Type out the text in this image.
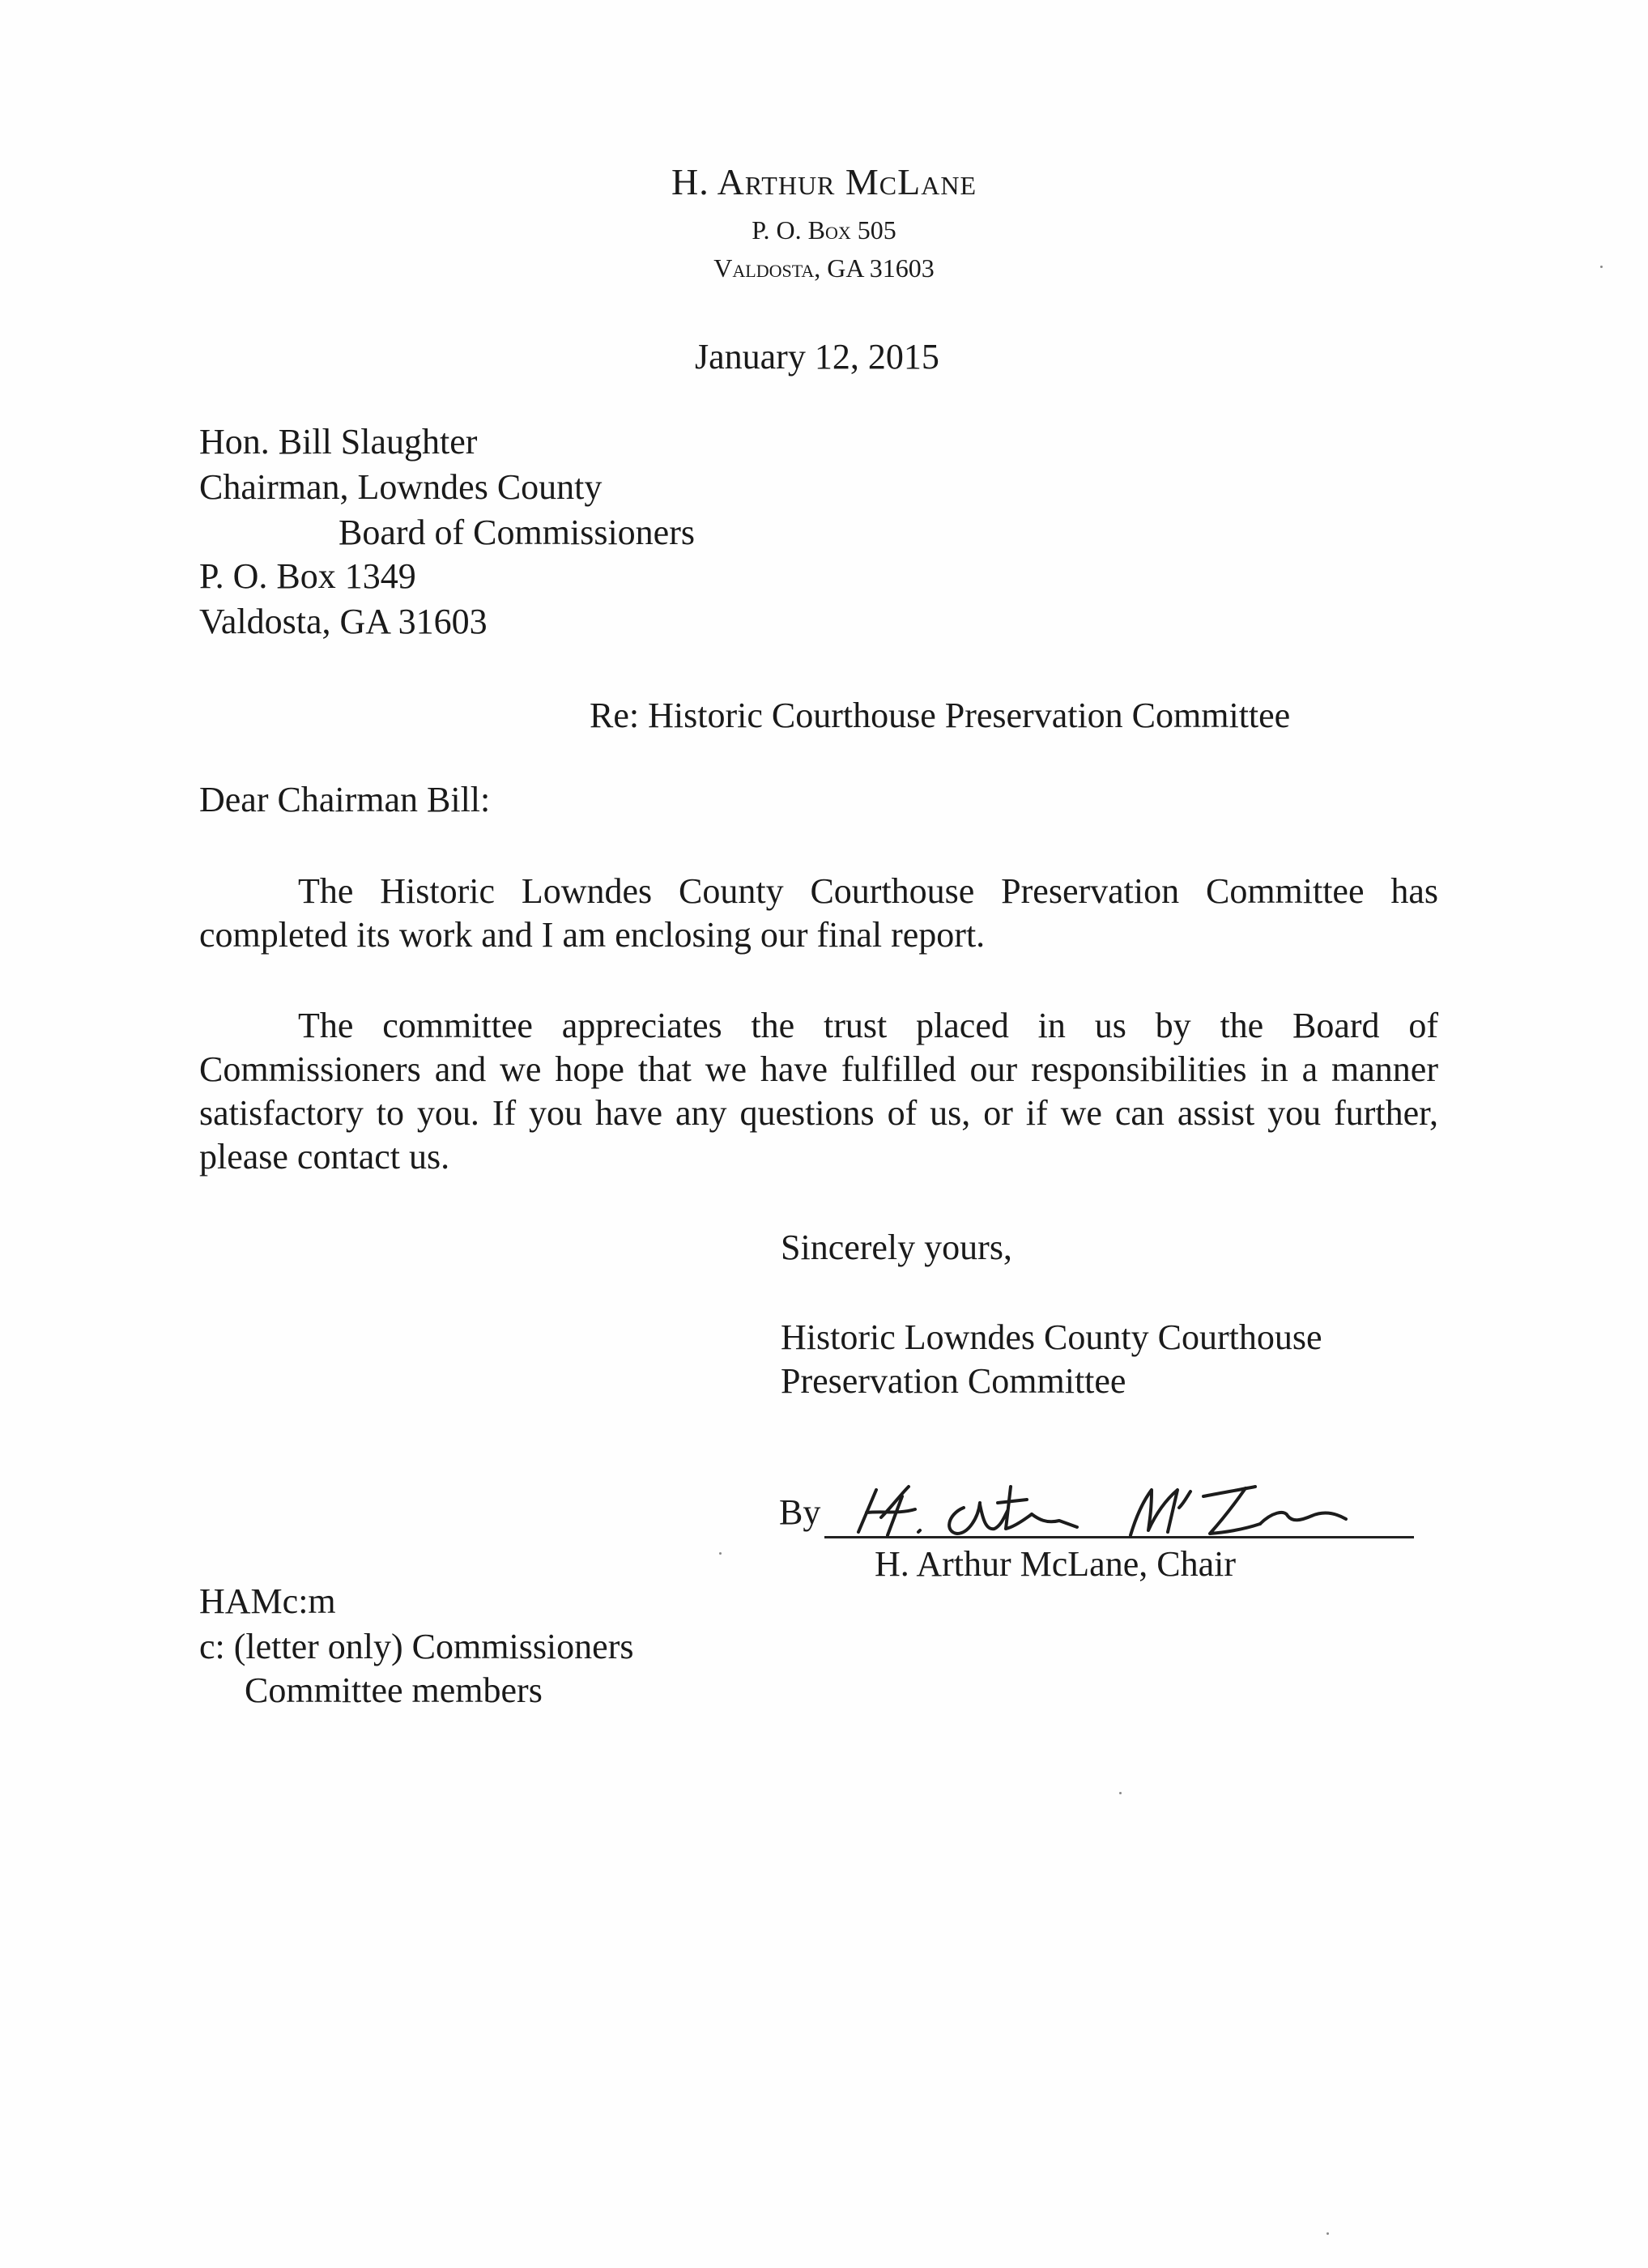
H. Arthur McLane
P. O. Box 505
Valdosta, GA 31603
January 12, 2015
Hon. Bill Slaughter
Chairman, Lowndes County
Board of Commissioners
P. O. Box 1349
Valdosta, GA 31603
Re: Historic Courthouse Preservation Committee
Dear Chairman Bill:
The Historic Lowndes County Courthouse Preservation Committee has completed its work and I am enclosing our final report.
The committee appreciates the trust placed in us by the Board of Commissioners and we hope that we have fulfilled our responsibilities in a manner satisfactory to you. If you have any questions of us, or if we can assist you further, please contact us.
Sincerely yours,
Historic Lowndes County Courthouse
Preservation Committee
By
H. Arthur McLane, Chair
HAMc:m
c: (letter only) Commissioners
Committee members
